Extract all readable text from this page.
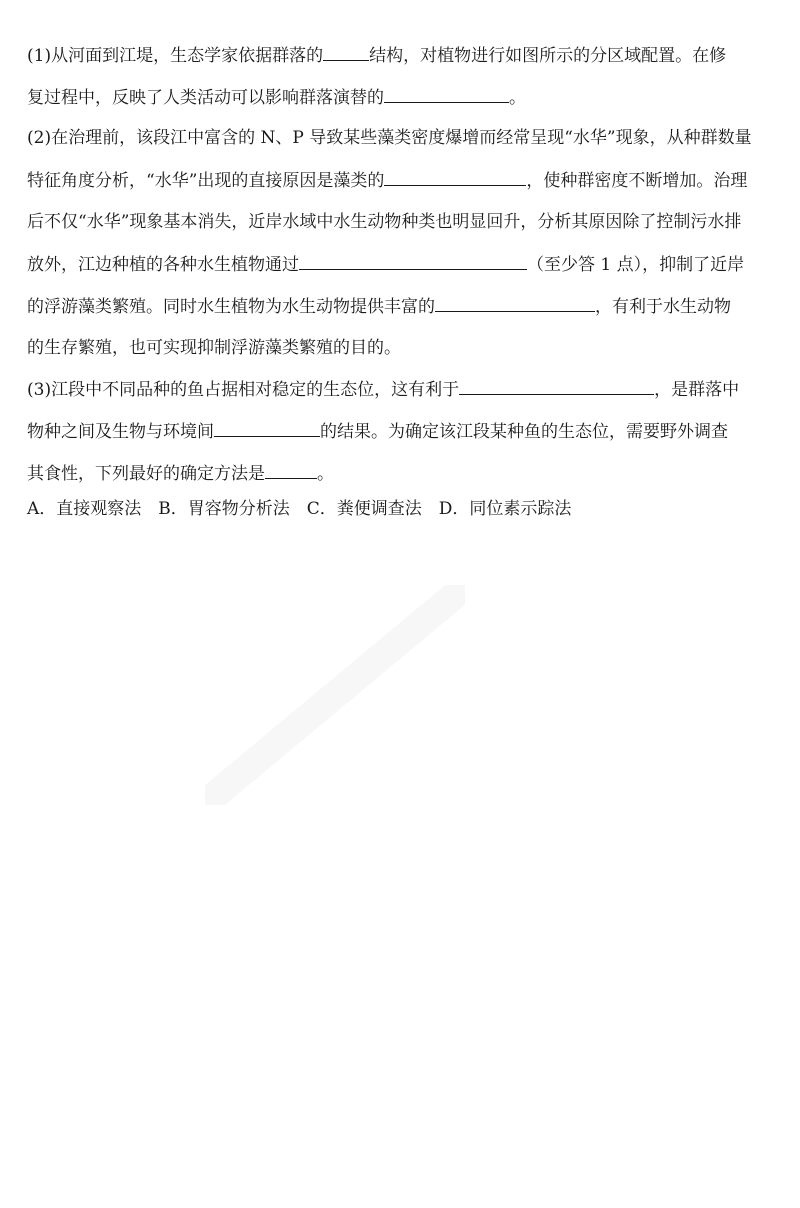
(1)从河面到江堤，生态学家依据群落的	结构，对植物进行如图所示的分区域配置。在修
复过程中，反映了人类活动可以影响群落演替的	。
(2)在治理前，该段江中富含的 N、P 导致某些藻类密度爆增而经常呈现“水华”现象，从种群数量
特征角度分析，“水华”出现的直接原因是藻类的	，使种群密度不断增加。治理
后不仅“水华”现象基本消失，近岸水域中水生动物种类也明显回升，分析其原因除了控制污水排
放外，江边种植的各种水生植物通过	（至少答 1 点），抑制了近岸
的浮游藻类繁殖。同时水生植物为水生动物提供丰富的	，有利于水生动物
的生存繁殖，也可实现抑制浮游藻类繁殖的目的。
(3)江段中不同品种的鱼占据相对稳定的生态位，这有利于	，是群落中
物种之间及生物与环境间	的结果。为确定该江段某种鱼的生态位，需要野外调查
其食性，下列最好的确定方法是	。
A．直接观察法 B．胃容物分析法 C．粪便调查法 D．同位素示踪法
